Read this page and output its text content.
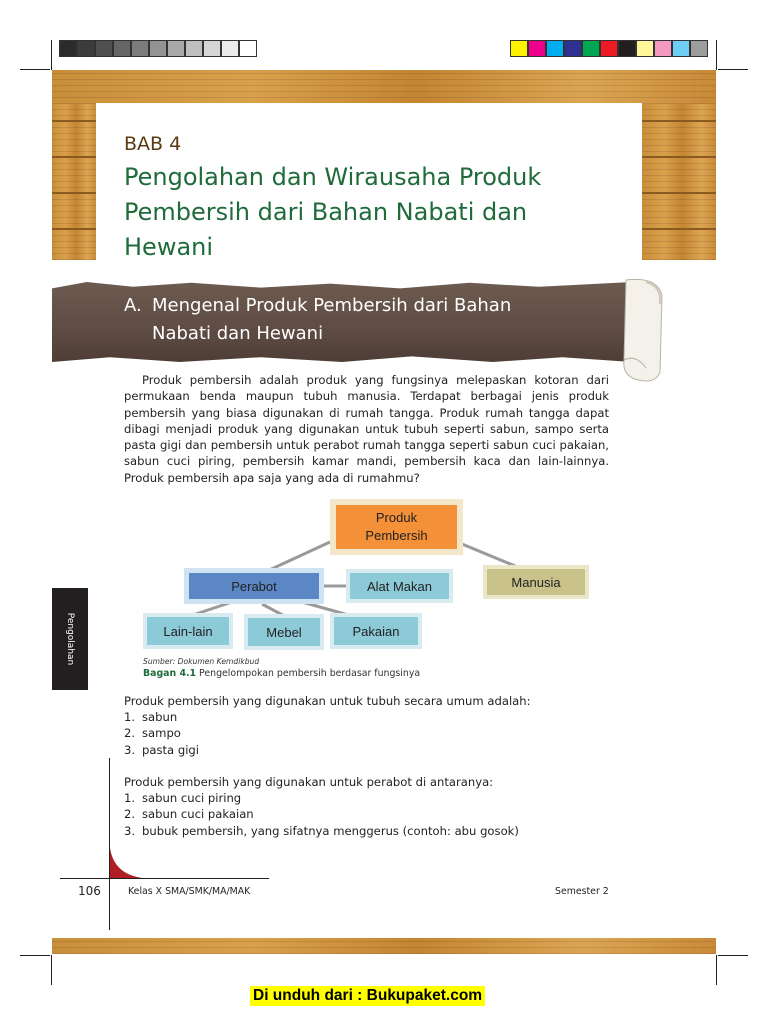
BAB 4
Pengolahan dan Wirausaha Produk Pembersih dari Bahan Nabati dan Hewani
A. Mengenal Produk Pembersih dari Bahan
Nabati dan Hewani

Produk pembersih adalah produk yang fungsinya melepaskan kotoran dari permukaan benda maupun tubuh manusia. Terdapat berbagai jenis produk pembersih yang biasa digunakan di rumah tangga. Produk rumah tangga dapat dibagi menjadi produk yang digunakan untuk tubuh seperti sabun, sampo serta pasta gigi dan pembersih untuk perabot rumah tangga seperti sabun cuci pakaian, sabun cuci piring, pembersih kamar mandi, pembersih kaca dan lain-lainnya. Produk pembersih apa saja yang ada di rumahmu?

Produk Pembersih
Perabot	Alat Makan	Manusia
Lain-lain	Mebel	Pakaian
Sumber: Dokumen Kemdikbud
Bagan 4.1 Pengelompokan pembersih berdasar fungsinya
Pengolahan
Produk pembersih yang digunakan untuk tubuh secara umum adalah:
1. sabun
2. sampo
3. pasta gigi
Produk pembersih yang digunakan untuk perabot di antaranya:
1. sabun cuci piring
2. sabun cuci pakaian
3. bubuk pembersih, yang sifatnya menggerus (contoh: abu gosok)
106	Kelas X SMA/SMK/MA/MAK	Semester 2
Di unduh dari : Bukupaket.com
